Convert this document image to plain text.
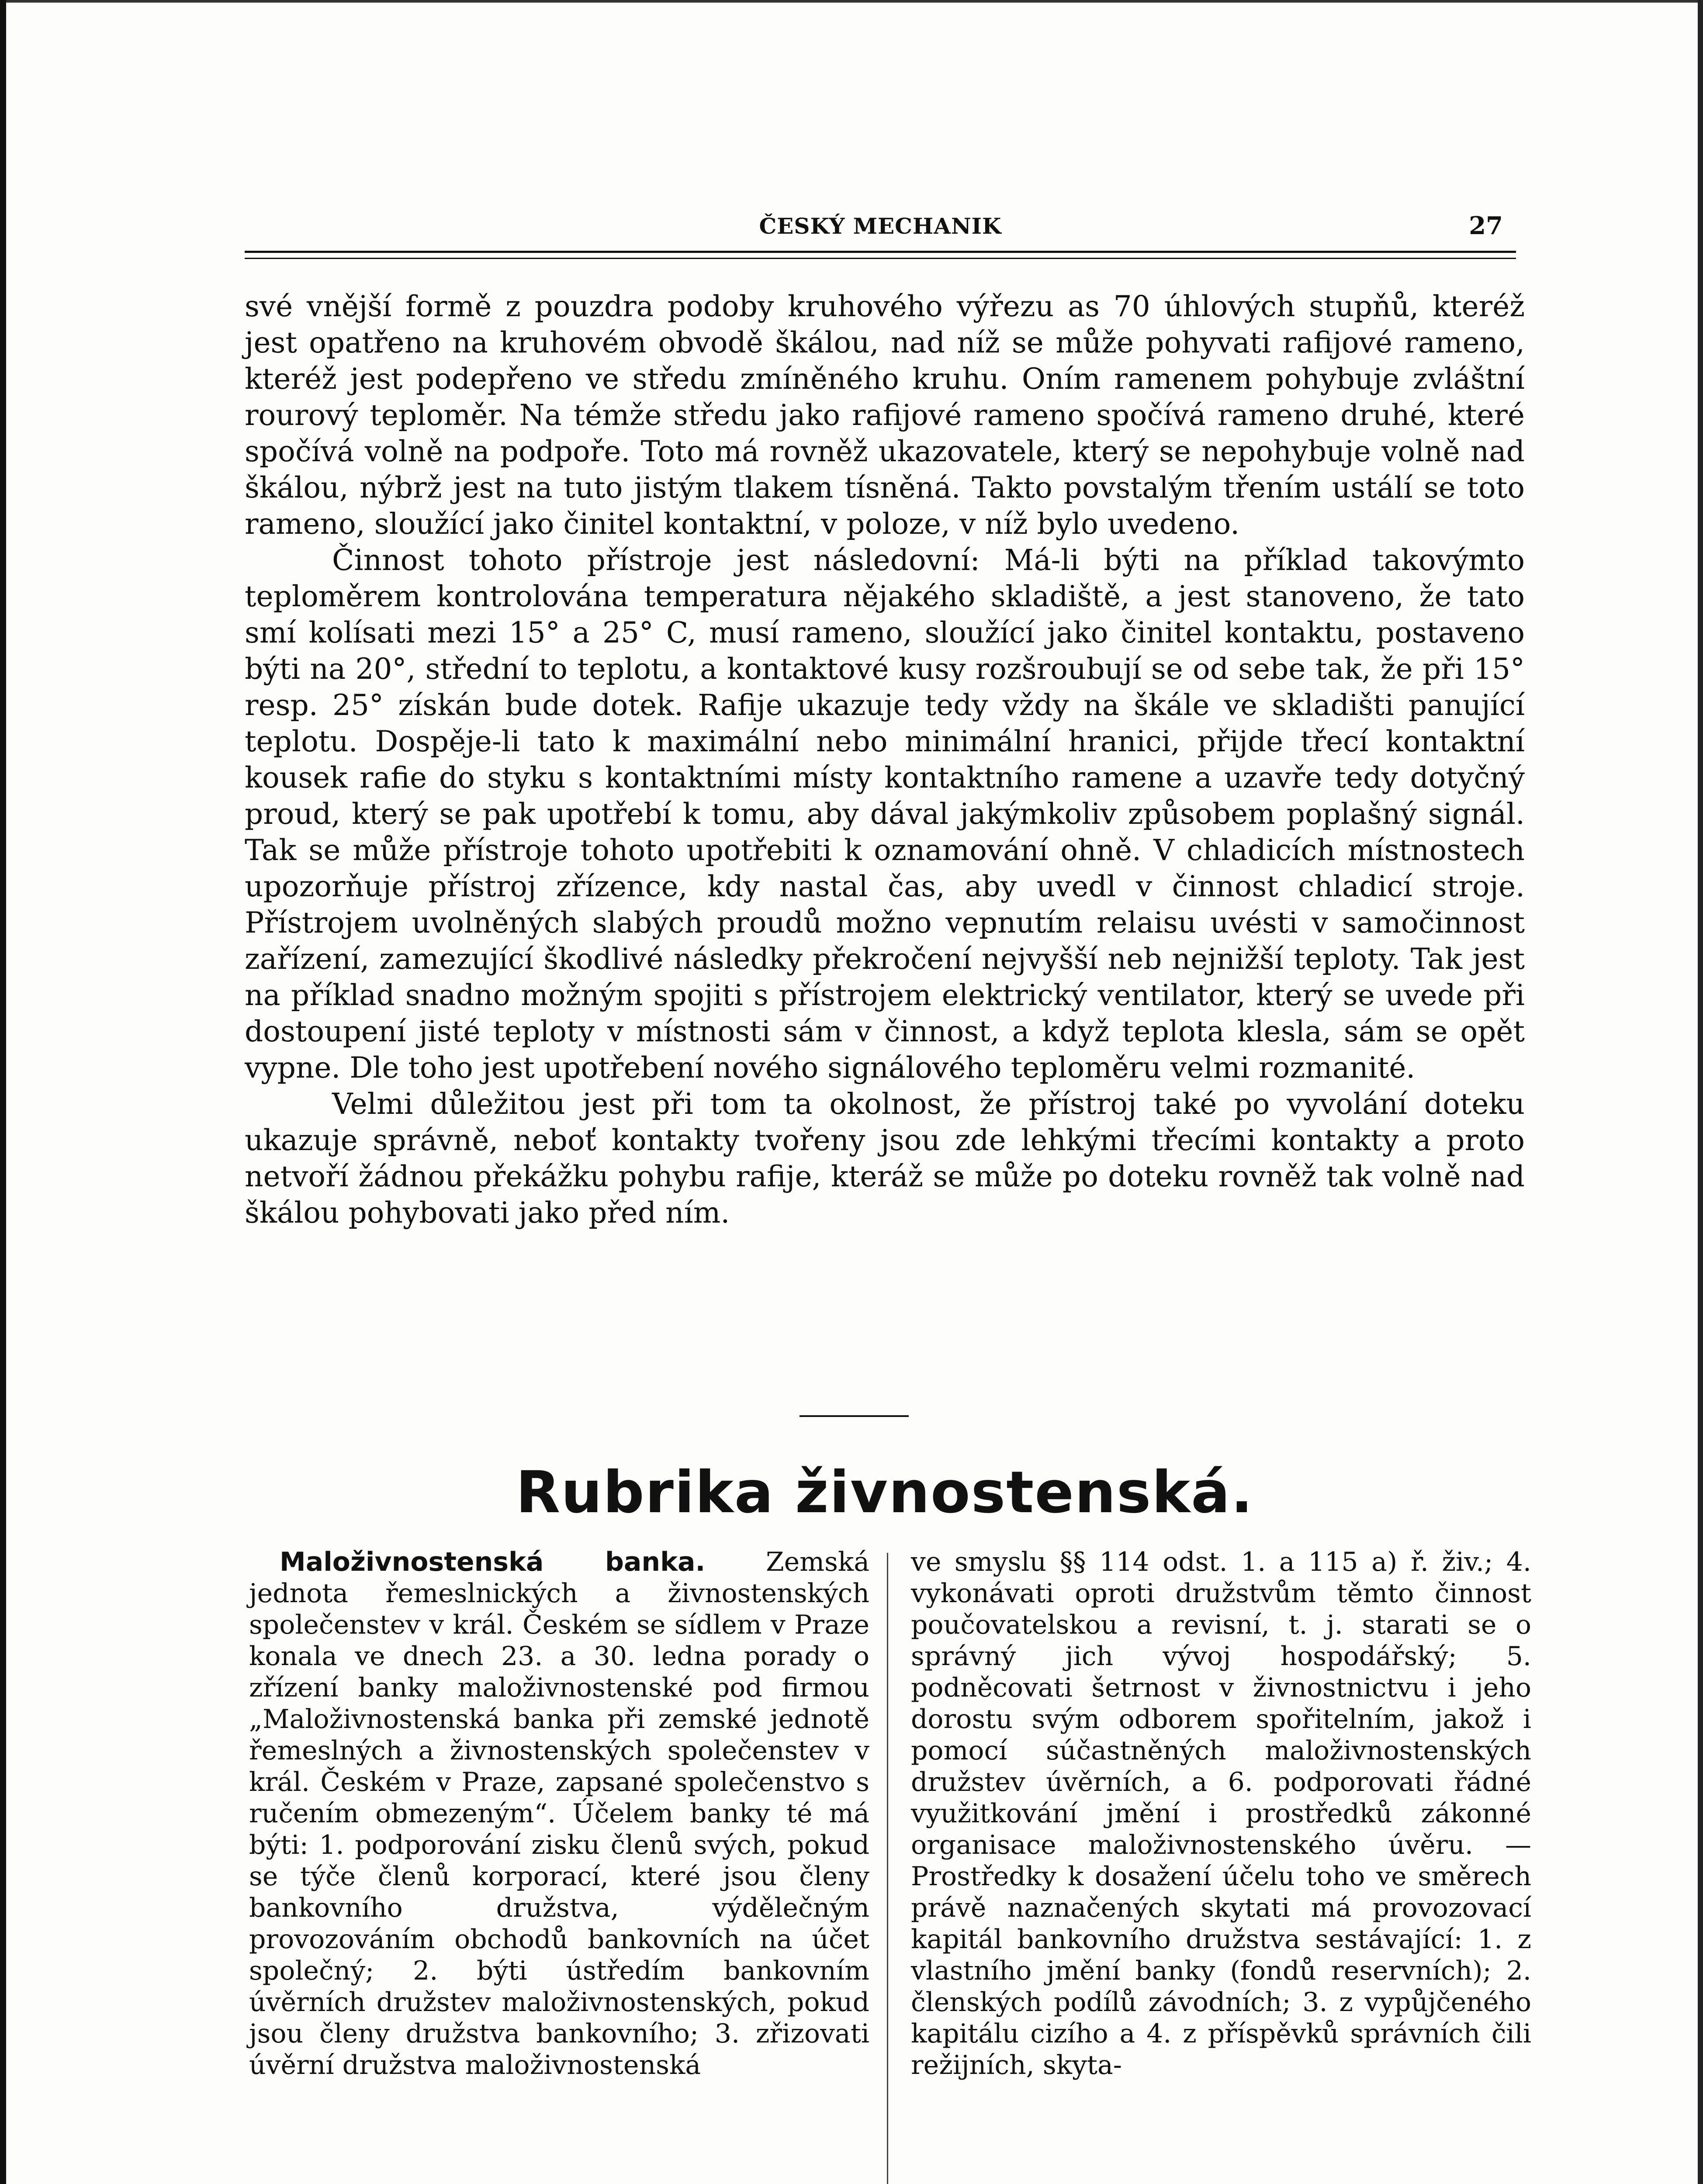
ČESKÝ MECHANIK	27

své vnější formě z pouzdra podoby kruhového výřezu as 70 úhlových stupňů, kteréž jest opatřeno na kruhovém obvodě škálou, nad níž se může pohyvati rafijové rameno, kteréž jest podepřeno ve středu zmíněného kruhu. Oním ramenem pohybuje zvláštní rourový teploměr. Na témže středu jako rafijové rameno spočívá rameno druhé, které spočívá volně na podpoře. Toto má rovněž ukazovatele, který se nepohybuje volně nad škálou, nýbrž jest na tuto jistým tlakem tísněná. Takto povstalým třením ustálí se toto rameno, sloužící jako činitel kontaktní, v poloze, v níž bylo uvedeno.

Činnost tohoto přístroje jest následovní: Má-li býti na příklad takovýmto teploměrem kontrolována temperatura nějakého skladiště, a jest stanoveno, že tato smí kolísati mezi 15° a 25° C, musí rameno, sloužící jako činitel kontaktu, postaveno býti na 20°, střední to teplotu, a kontaktové kusy rozšroubují se od sebe tak, že při 15° resp. 25° získán bude dotek. Rafije ukazuje tedy vždy na škále ve skladišti panující teplotu. Dospěje-li tato k maximální nebo minimální hranici, přijde třecí kontaktní kousek rafie do styku s kontaktními místy kontaktního ramene a uzavře tedy dotyčný proud, který se pak upotřebí k tomu, aby dával jakýmkoliv způsobem poplašný signál. Tak se může přístroje tohoto upotřebiti k oznamování ohně. V chladicích místnostech upozorňuje přístroj zřízence, kdy nastal čas, aby uvedl v činnost chladicí stroje. Přístrojem uvolněných slabých proudů možno vepnutím relaisu uvésti v samočinnost zařízení, zamezující škodlivé následky překročení nejvyšší neb nejnižší teploty. Tak jest na příklad snadno možným spojiti s přístrojem elektrický ventilator, který se uvede při dostoupení jisté teploty v místnosti sám v činnost, a když teplota klesla, sám se opět vypne. Dle toho jest upotřebení nového signálového teploměru velmi rozmanité.

Velmi důležitou jest při tom ta okolnost, že přístroj také po vyvolání doteku ukazuje správně, neboť kontakty tvořeny jsou zde lehkými třecími kontakty a proto netvoří žádnou překážku pohybu rafije, kteráž se může po doteku rovněž tak volně nad škálou pohybovati jako před ním.

Rubrika živnostenská.

Maloživnostenská banka. Zemská jednota řemeslnických a živnostenských společenstev v král. Českém se sídlem v Praze konala ve dnech 23. a 30. ledna porady o zřízení banky maloživnostenské pod firmou „Maloživnostenská banka při zemské jednotě řemeslných a živnostenských společenstev v král. Českém v Praze, zapsané společenstvo s ručením obmezeným“. Účelem banky té má býti: 1. podporování zisku členů svých, pokud se týče členů korporací, které jsou členy bankovního družstva, výdělečným provozováním obchodů bankovních na účet společný; 2. býti ústředím bankovním úvěrních družstev maloživnostenských, pokud jsou členy družstva bankovního; 3. zřizovati úvěrní družstva maloživnostenská

ve smyslu §§ 114 odst. 1. a 115 a) ř. živ.; 4. vykonávati oproti družstvům těmto činnost poučovatelskou a revisní, t. j. starati se o správný jich vývoj hospodářský; 5. podněcovati šetrnost v živnostnictvu i jeho dorostu svým odborem spořitelním, jakož i pomocí súčastněných maloživnostenských družstev úvěrních, a 6. podporovati řádné využitkování jmění i prostředků zákonné organisace maloživnostenského úvěru. — Prostředky k dosažení účelu toho ve směrech právě naznačených skytati má provozovací kapitál bankovního družstva sestávající: 1. z vlastního jmění banky (fondů reservních); 2. členských podílů závodních; 3. z vypůjčeného kapitálu cizího a 4. z příspěvků správních čili režijních, skyta-
